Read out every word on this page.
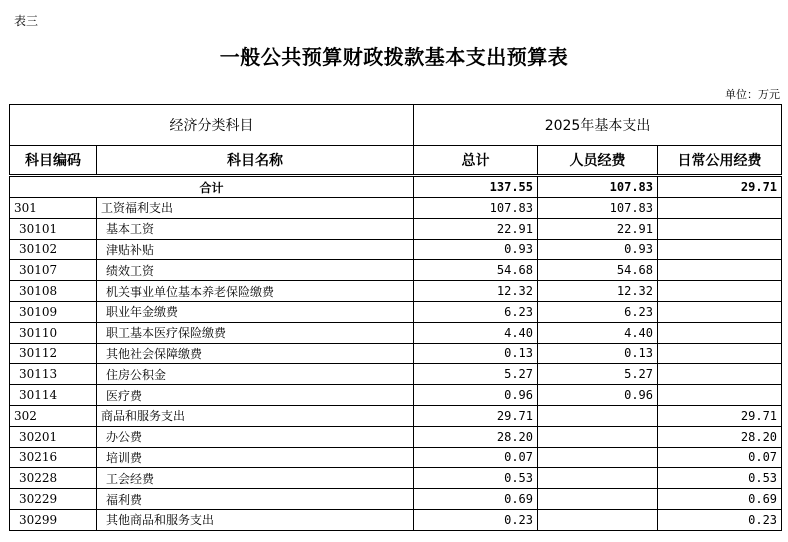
表三
一般公共预算财政拨款基本支出预算表
单位：万元
经济分类科目		2025年基本支出		
科目编码	科目名称	总计	人员经费	日常公用经费
合计		137.55	107.83	29.71
301	工资福利支出	107.83	107.83	
30101	基本工资	22.91	22.91	
30102	津贴补贴	0.93	0.93	
30107	绩效工资	54.68	54.68	
30108	机关事业单位基本养老保险缴费	12.32	12.32	
30109	职业年金缴费	6.23	6.23	
30110	职工基本医疗保险缴费	4.40	4.40	
30112	其他社会保障缴费	0.13	0.13	
30113	住房公积金	5.27	5.27	
30114	医疗费	0.96	0.96	
302	商品和服务支出	29.71		29.71
30201	办公费	28.20		28.20
30216	培训费	0.07		0.07
30228	工会经费	0.53		0.53
30229	福利费	0.69		0.69
30299	其他商品和服务支出	0.23		0.23
